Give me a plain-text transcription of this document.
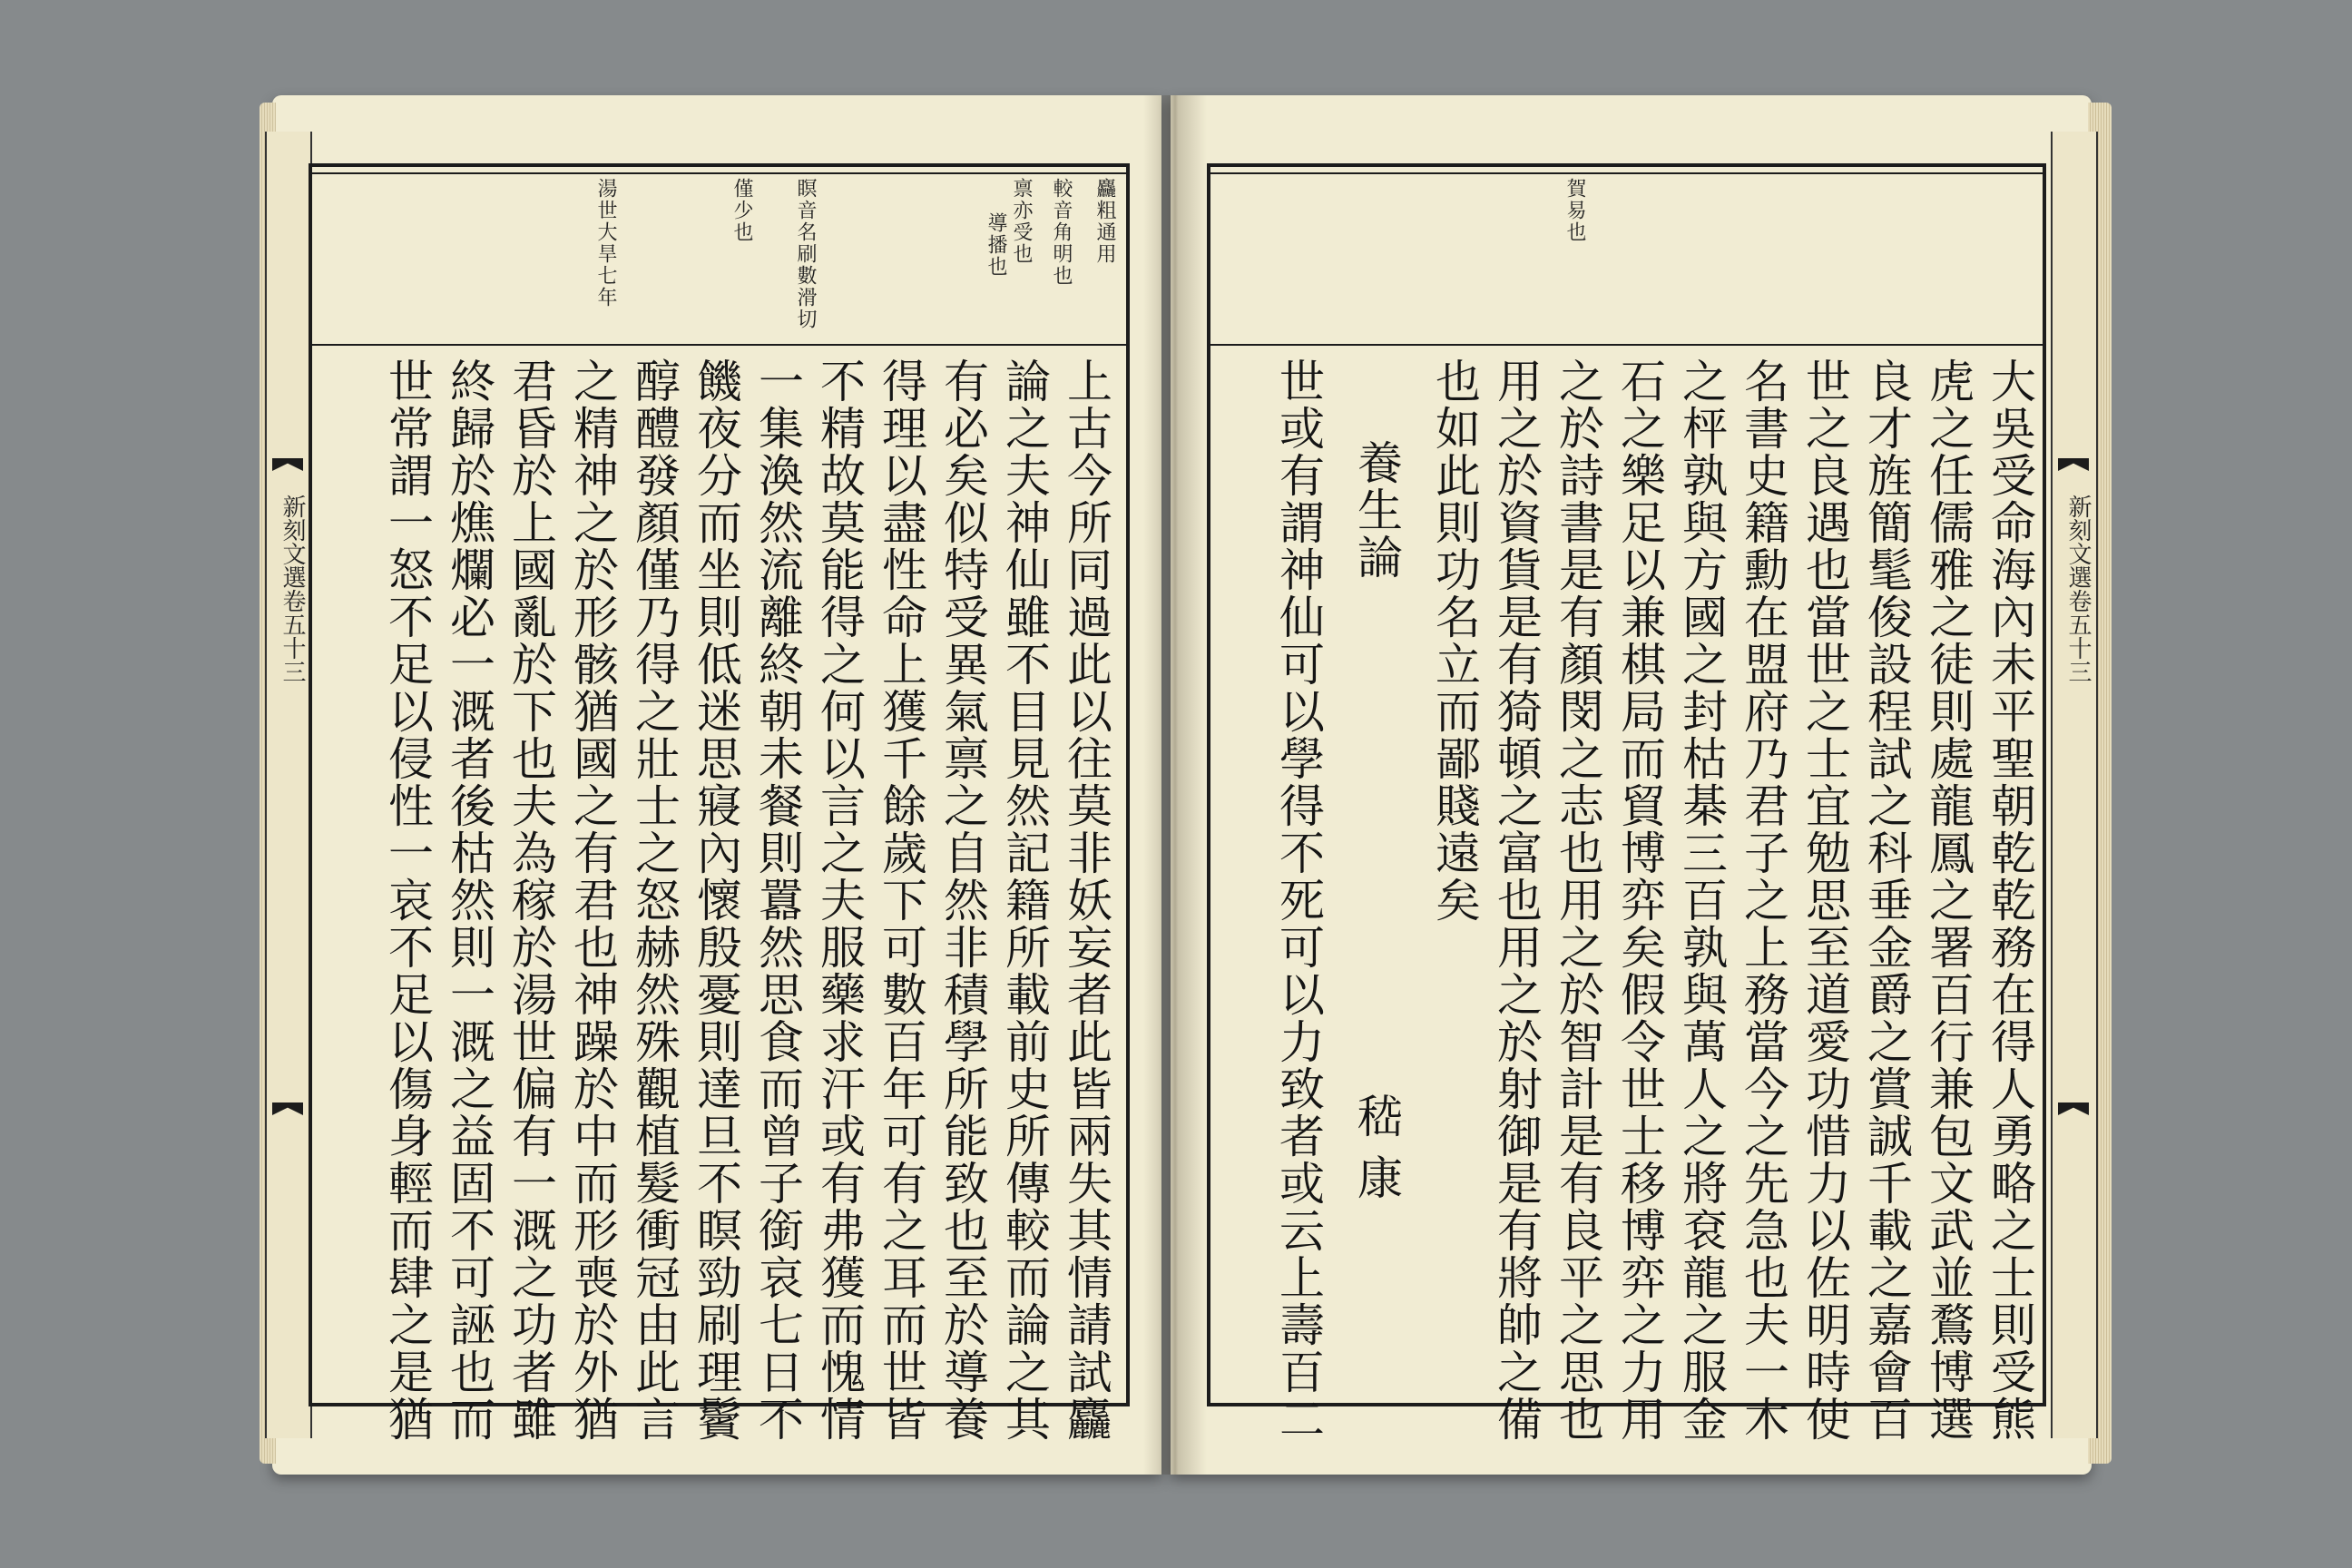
新刻文選卷五十三
麤粗通用
較音角明也
禀亦受也
導播也
瞑音名刷數滑切
僅少也
湯世大旱七年
上古今所同過此以往莫非妖妄者此皆兩失其情請試麤
論之夫神仙雖不目見然記籍所載前史所傳較而論之其
有必矣似特受異氣禀之自然非積學所能致也至於導養
得理以盡性命上獲千餘歲下可數百年可有之耳而世皆
不精故莫能得之何以言之夫服藥求汗或有弗獲而愧情
一集渙然流離終朝未餐則囂然思食而曾子銜哀七日不
饑夜分而坐則低迷思寢內懷殷憂則達旦不瞑勁刷理鬢
醇醴發顏僅乃得之壯士之怒赫然殊觀植髮衝冠由此言
之精神之於形骸猶國之有君也神躁於中而形喪於外猶
君昏於上國亂於下也夫為稼於湯世偏有一溉之功者雖
終歸於燋爛必一溉者後枯然則一溉之益固不可誣也而
世常謂一怒不足以侵性一哀不足以傷身輕而肆之是猶	新刻文選卷五十三
賀易也
大吳受命海內未平聖朝乾乾務在得人勇略之士則受熊
虎之任儒雅之徒則處龍鳳之署百行兼包文武並鶩博選
良才旌簡髦俊設程試之科垂金爵之賞誠千載之嘉會百
世之良遇也當世之士宜勉思至道愛功惜力以佐明時使
名書史籍勳在盟府乃君子之上務當今之先急也夫一木
之枰孰與方國之封枯棊三百孰與萬人之將袞龍之服金
石之樂足以兼棋局而貿博弈矣假令世士移博弈之力用
之於詩書是有顏閔之志也用之於智計是有良平之思也
用之於資貨是有猗頓之富也用之於射御是有將帥之備
也如此則功名立而鄙賤遠矣
養生論
嵇康
世或有謂神仙可以學得不死可以力致者或云上壽百二
